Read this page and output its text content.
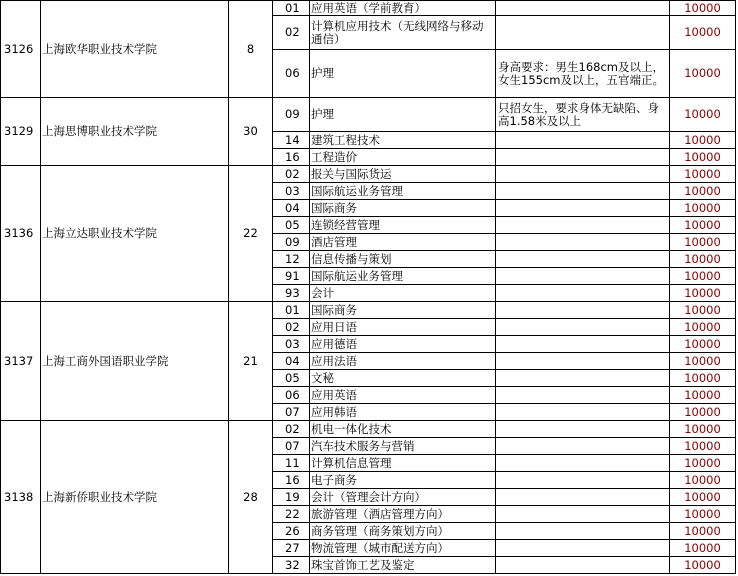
3126	上海欧华职业技术学院	8	01	应用英语（学前教育）		10000
			02	计算机应用技术（无线网络与移动通信）		10000
			06	护理	身高要求：男生168cm及以上，女生155cm及以上，五官端正。	10000
3129	上海思博职业技术学院	30	09	护理	只招女生，要求身体无缺陷、身高1.58米及以上	10000
			14	建筑工程技术		10000
			16	工程造价		10000
3136	上海立达职业技术学院	22	02	报关与国际货运		10000
			03	国际航运业务管理		10000
			04	国际商务		10000
			05	连锁经营管理		10000
			09	酒店管理		10000
			12	信息传播与策划		10000
			91	国际航运业务管理		10000
			93	会计		10000
3137	上海工商外国语职业学院	21	01	国际商务		10000
			02	应用日语		10000
			03	应用德语		10000
			04	应用法语		10000
			05	文秘		10000
			06	应用英语		10000
			07	应用韩语		10000
3138	上海新侨职业技术学院	28	02	机电一体化技术		10000
			07	汽车技术服务与营销		10000
			11	计算机信息管理		10000
			16	电子商务		10000
			19	会计（管理会计方向）		10000
			22	旅游管理（酒店管理方向）		10000
			26	商务管理（商务策划方向）		10000
			27	物流管理（城市配送方向）		10000
			32	珠宝首饰工艺及鉴定		10000
